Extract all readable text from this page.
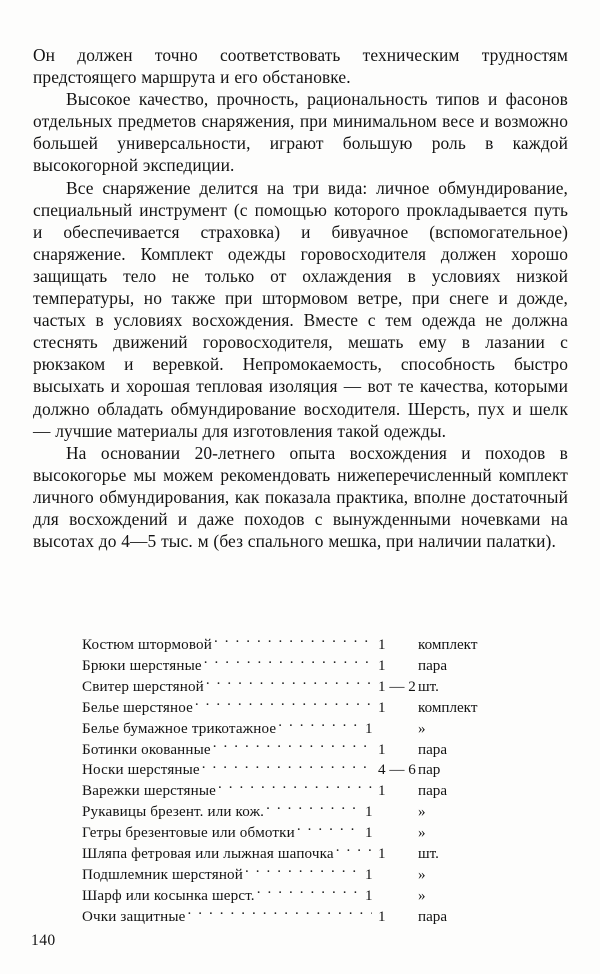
Он должен точно соответствовать техническим трудностям предстоящего маршрута и его обстановке.

Высокое качество, прочность, рациональность типов и фасонов отдельных предметов снаряжения, при минимальном весе и возможно большей универсальности, играют большую роль в каждой высокогорной экспедиции.

Все снаряжение делится на три вида: личное обмундирование, специальный инструмент (с помощью которого прокладывается путь и обеспечивается страховка) и бивуачное (вспомогательное) снаряжение. Комплект одежды горовосходителя должен хорошо защищать тело не только от охлаждения в условиях низкой температуры, но также при штормовом ветре, при снеге и дожде, частых в условиях восхождения. Вместе с тем одежда не должна стеснять движений горовосходителя, мешать ему в лазании с рюкзаком и веревкой. Непромокаемость, способность быстро высыхать и хорошая тепловая изоляция — вот те качества, которыми должно обладать обмундирование восходителя. Шерсть, пух и шелк — лучшие материалы для изготовления такой одежды.

На основании 20-летнего опыта восхождения и походов в высокогорье мы можем рекомендовать нижеперечисленный комплект личного обмундирования, как показала практика, вполне достаточный для восхождений и даже походов с вынужденными ночевками на высотах до 4—5 тыс. м (без спального мешка, при наличии палатки).

Костюм штормовой . . .	1	комплект
Брюки шерстяные . . .	1	пара
Свитер шерстяной . . .	1 — 2 шт.
Белье шерстяное . . .	1	комплект
Белье бумажное трикотажное . . .	1	»
Ботинки окованные . . .	1	пара
Носки шерстяные . . .	4 — 6 пар
Варежки шерстяные . . .	1	пара
Рукавицы брезент. или кож. . . .	1	»
Гетры брезентовые или обмотки . . .	1	»
Шляпа фетровая или лыжная шапочка . . .	1	шт.
Подшлемник шерстяной . . .	1	»
Шарф или косынка шерст. . . .	1	»
Очки защитные . . .	1	пара
140
